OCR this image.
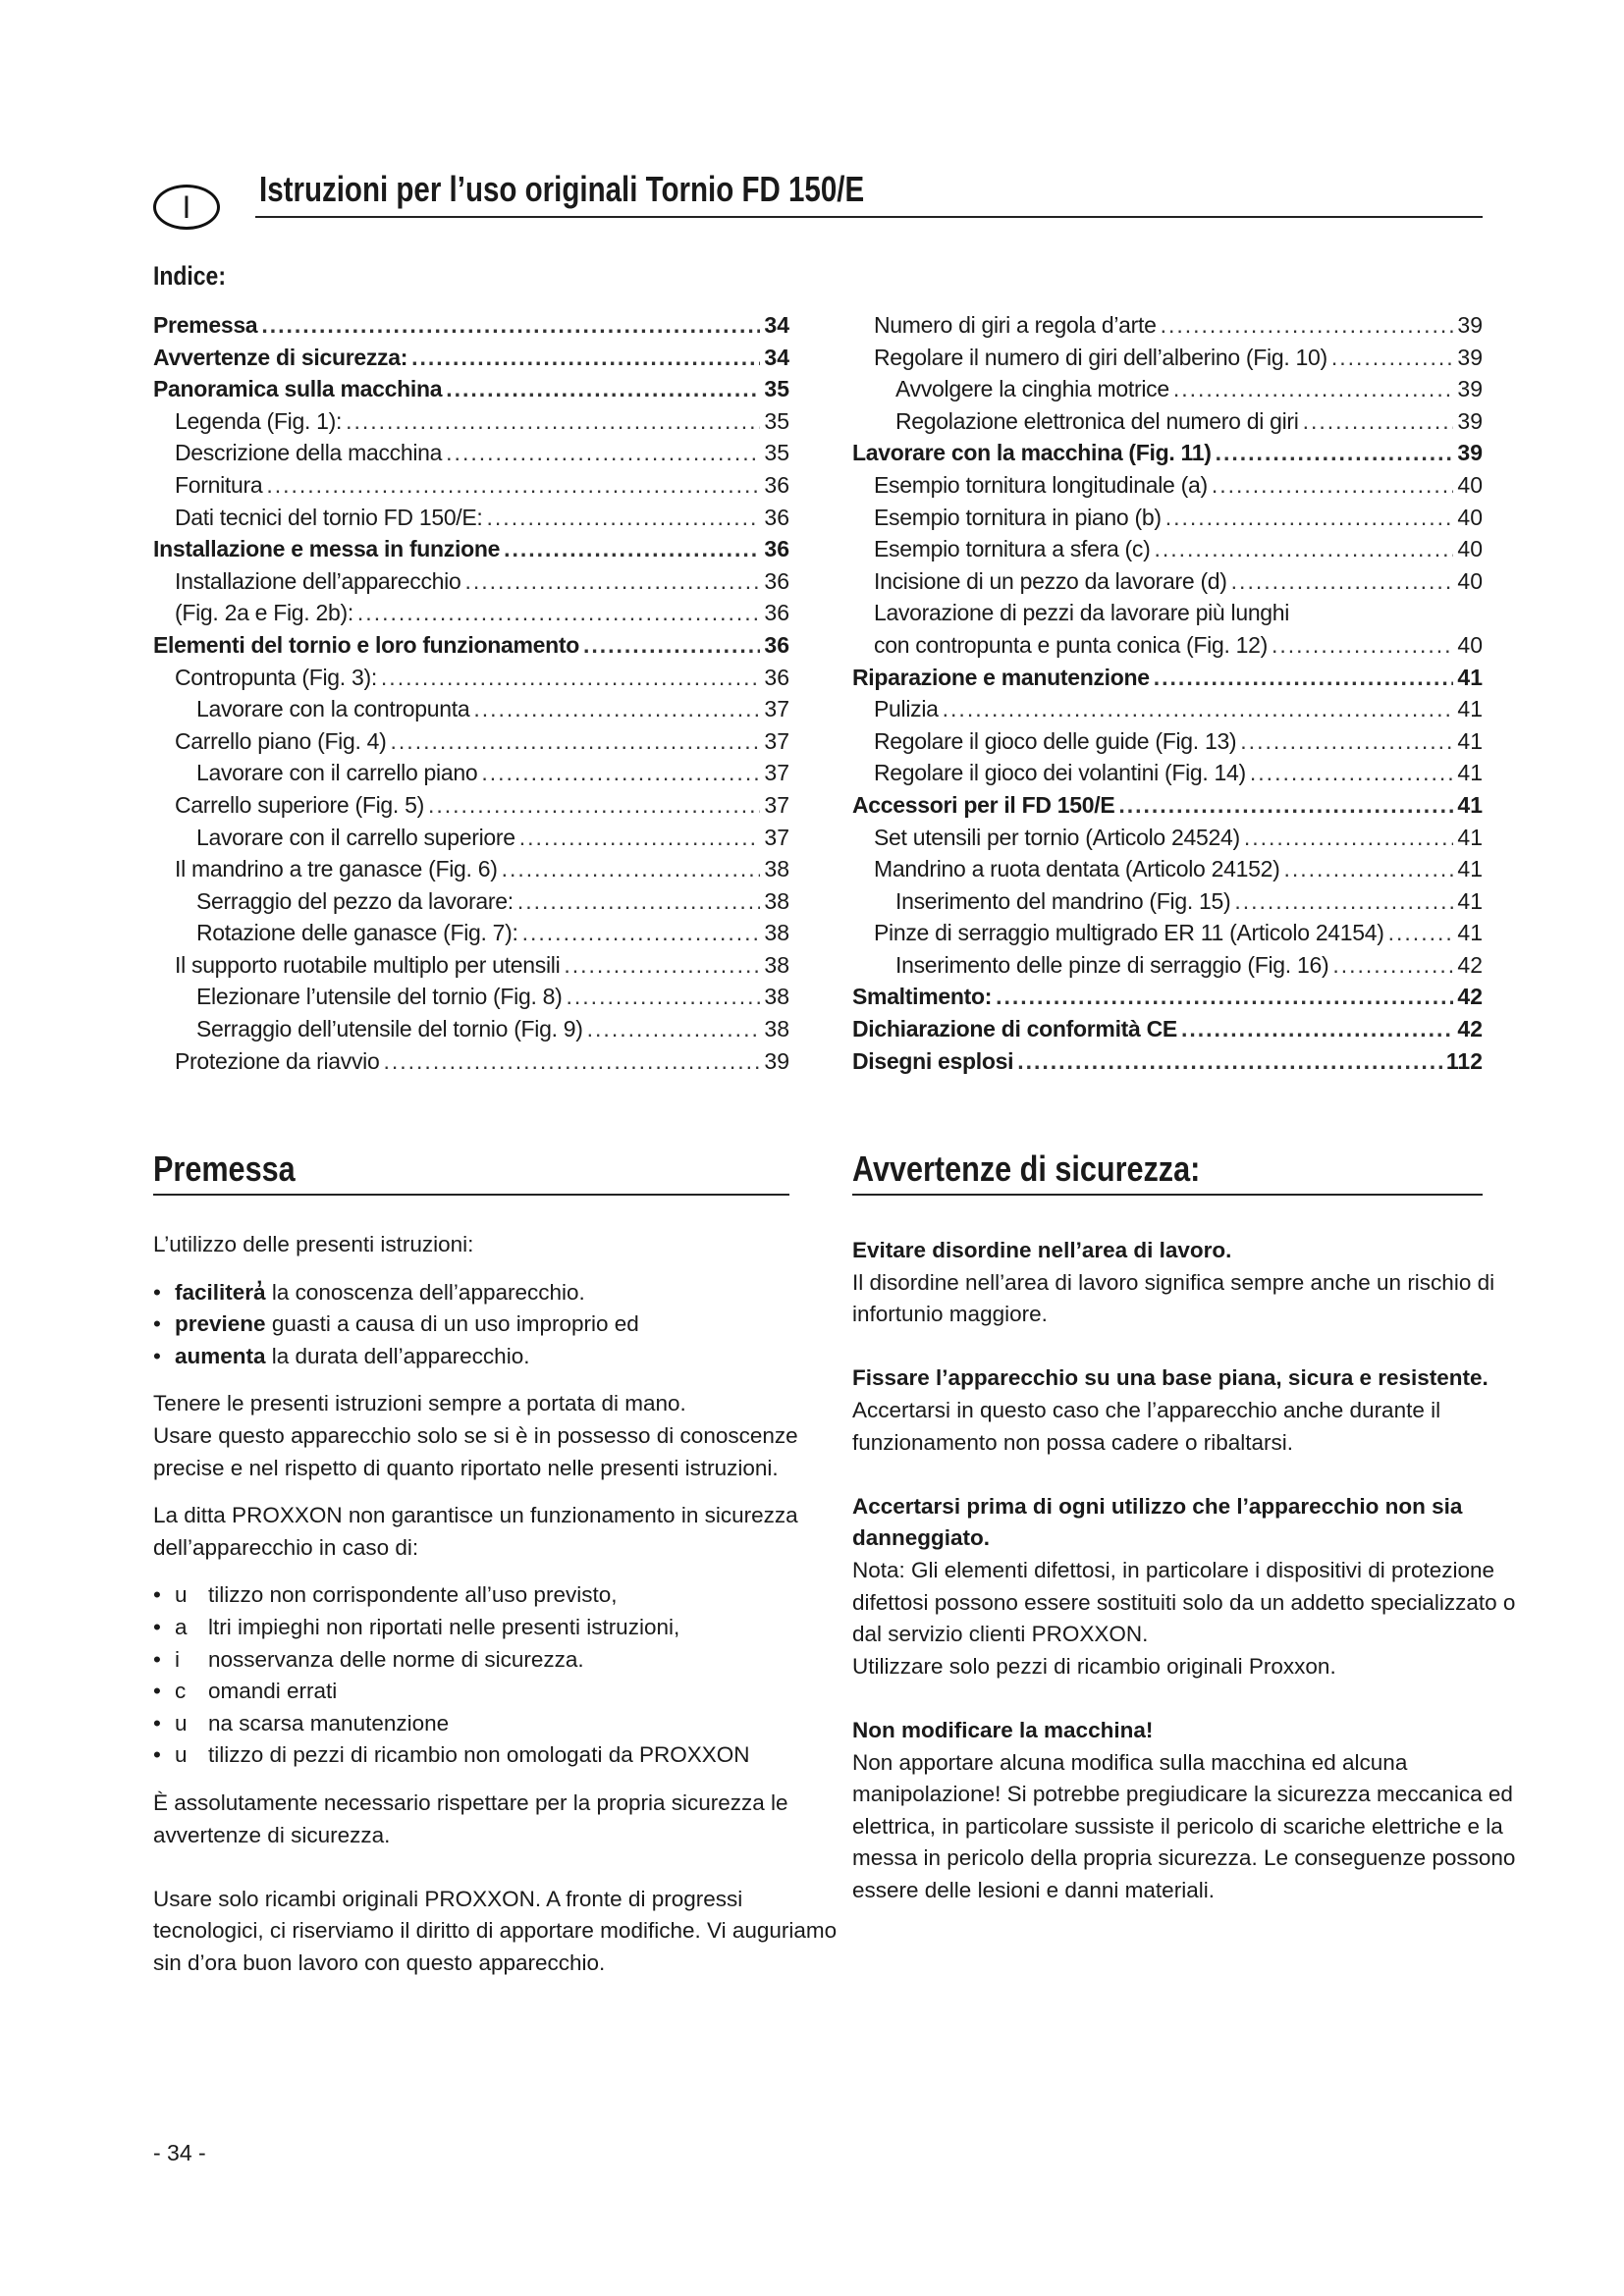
I	Istruzioni per l’uso originali Tornio FD 150/E
Indice:
Premessa .....	34
Avvertenze di sicurezza: .....	34
Panoramica sulla macchina .....	35
Legenda (Fig. 1): .....	35
Descrizione della macchina .....	35
Fornitura .....	36
Dati tecnici del tornio FD 150/E: .....	36
Installazione e messa in funzione .....	36
Installazione dell’apparecchio .....	36
(Fig. 2a e Fig. 2b): .....	36
Elementi del tornio e loro funzionamento .....	36
Contropunta (Fig. 3): .....	36
Lavorare con la contropunta .....	37
Carrello piano (Fig. 4) .....	37
Lavorare con il carrello piano .....	37
Carrello superiore (Fig. 5) .....	37
Lavorare con il carrello superiore .....	37
Il mandrino a tre ganasce (Fig. 6) .....	38
Serraggio del pezzo da lavorare: .....	38
Rotazione delle ganasce (Fig. 7): .....	38
Il supporto ruotabile multiplo per utensili .....	38
Elezionare l’utensile del tornio (Fig. 8) .....	38
Serraggio dell’utensile del tornio (Fig. 9) .....	38
Protezione da riavvio .....	39
Numero di giri a regola d’arte .....	39
Regolare il numero di giri dell’alberino (Fig. 10) .....	39
Avvolgere la cinghia motrice .....	39
Regolazione elettronica del numero di giri .....	39
Lavorare con la macchina (Fig. 11) .....	39
Esempio tornitura longitudinale (a) .....	40
Esempio tornitura in piano (b) .....	40
Esempio tornitura a sfera (c) .....	40
Incisione di un pezzo da lavorare (d) .....	40
Lavorazione di pezzi da lavorare più lunghi
con contropunta e punta conica (Fig. 12) .....	40
Riparazione e manutenzione .....	41
Pulizia .....	41
Regolare il gioco delle guide (Fig. 13) .....	41
Regolare il gioco dei volantini (Fig. 14) .....	41
Accessori per il FD 150/E .....	41
Set utensili per tornio (Articolo 24524) .....	41
Mandrino a ruota dentata (Articolo 24152) .....	41
Inserimento del mandrino (Fig. 15) .....	41
Pinze di serraggio multigrado ER 11 (Articolo 24154) .....	41
Inserimento delle pinze di serraggio (Fig. 16) .....	42
Smaltimento: .....	42
Dichiarazione di conformità CE .....	42
Disegni esplosi .....	112
Premessa

L’utilizzo delle presenti istruzioni:

• facilitera̓ la conoscenza dell’apparecchio.
• previene guasti a causa di un uso improprio ed
• aumenta la durata dell’apparecchio.

Tenere le presenti istruzioni sempre a portata di mano.

Usare questo apparecchio solo se si è in possesso di conoscenze precise e nel rispetto di quanto riportato nelle presenti istruzioni.

La ditta PROXXON non garantisce un funzionamento in sicurezza dell’apparecchio in caso di:

• u tilizzo non corrispondente all’uso previsto,
• a ltri impieghi non riportati nelle presenti istruzioni,
• i	nosservanza delle norme di sicurezza.
• c	omandi errati
• u na scarsa manutenzione
• u tilizzo di pezzi di ricambio non omologati da PROXXON

È assolutamente necessario rispettare per la propria sicurezza le avvertenze di sicurezza.

Usare solo ricambi originali PROXXON. A fronte di progressi tecnologici, ci riserviamo il diritto di apportare modifiche. Vi auguriamo sin d’ora buon lavoro con questo apparecchio.

Avvertenze di sicurezza:

Evitare disordine nell’area di lavoro.

Il disordine nell’area di lavoro significa sempre anche un rischio di infortunio maggiore.

Fissare l’apparecchio su una base piana, sicura e resistente.

Accertarsi in questo caso che l’apparecchio anche durante il funzionamento non possa cadere o ribaltarsi.

Accertarsi prima di ogni utilizzo che l’apparecchio non sia danneggiato.

Nota: Gli elementi difettosi, in particolare i dispositivi di protezione difettosi possono essere sostituiti solo da un addetto specializzato o dal servizio clienti PROXXON.

Utilizzare solo pezzi di ricambio originali Proxxon.

Non modificare la macchina!

Non apportare alcuna modifica sulla macchina ed alcuna manipolazione! Si potrebbe pregiudicare la sicurezza meccanica ed elettrica, in particolare sussiste il pericolo di scariche elettriche e la messa in pericolo della propria sicurezza. Le conseguenze possono essere delle lesioni e danni materiali.

- 34 -
